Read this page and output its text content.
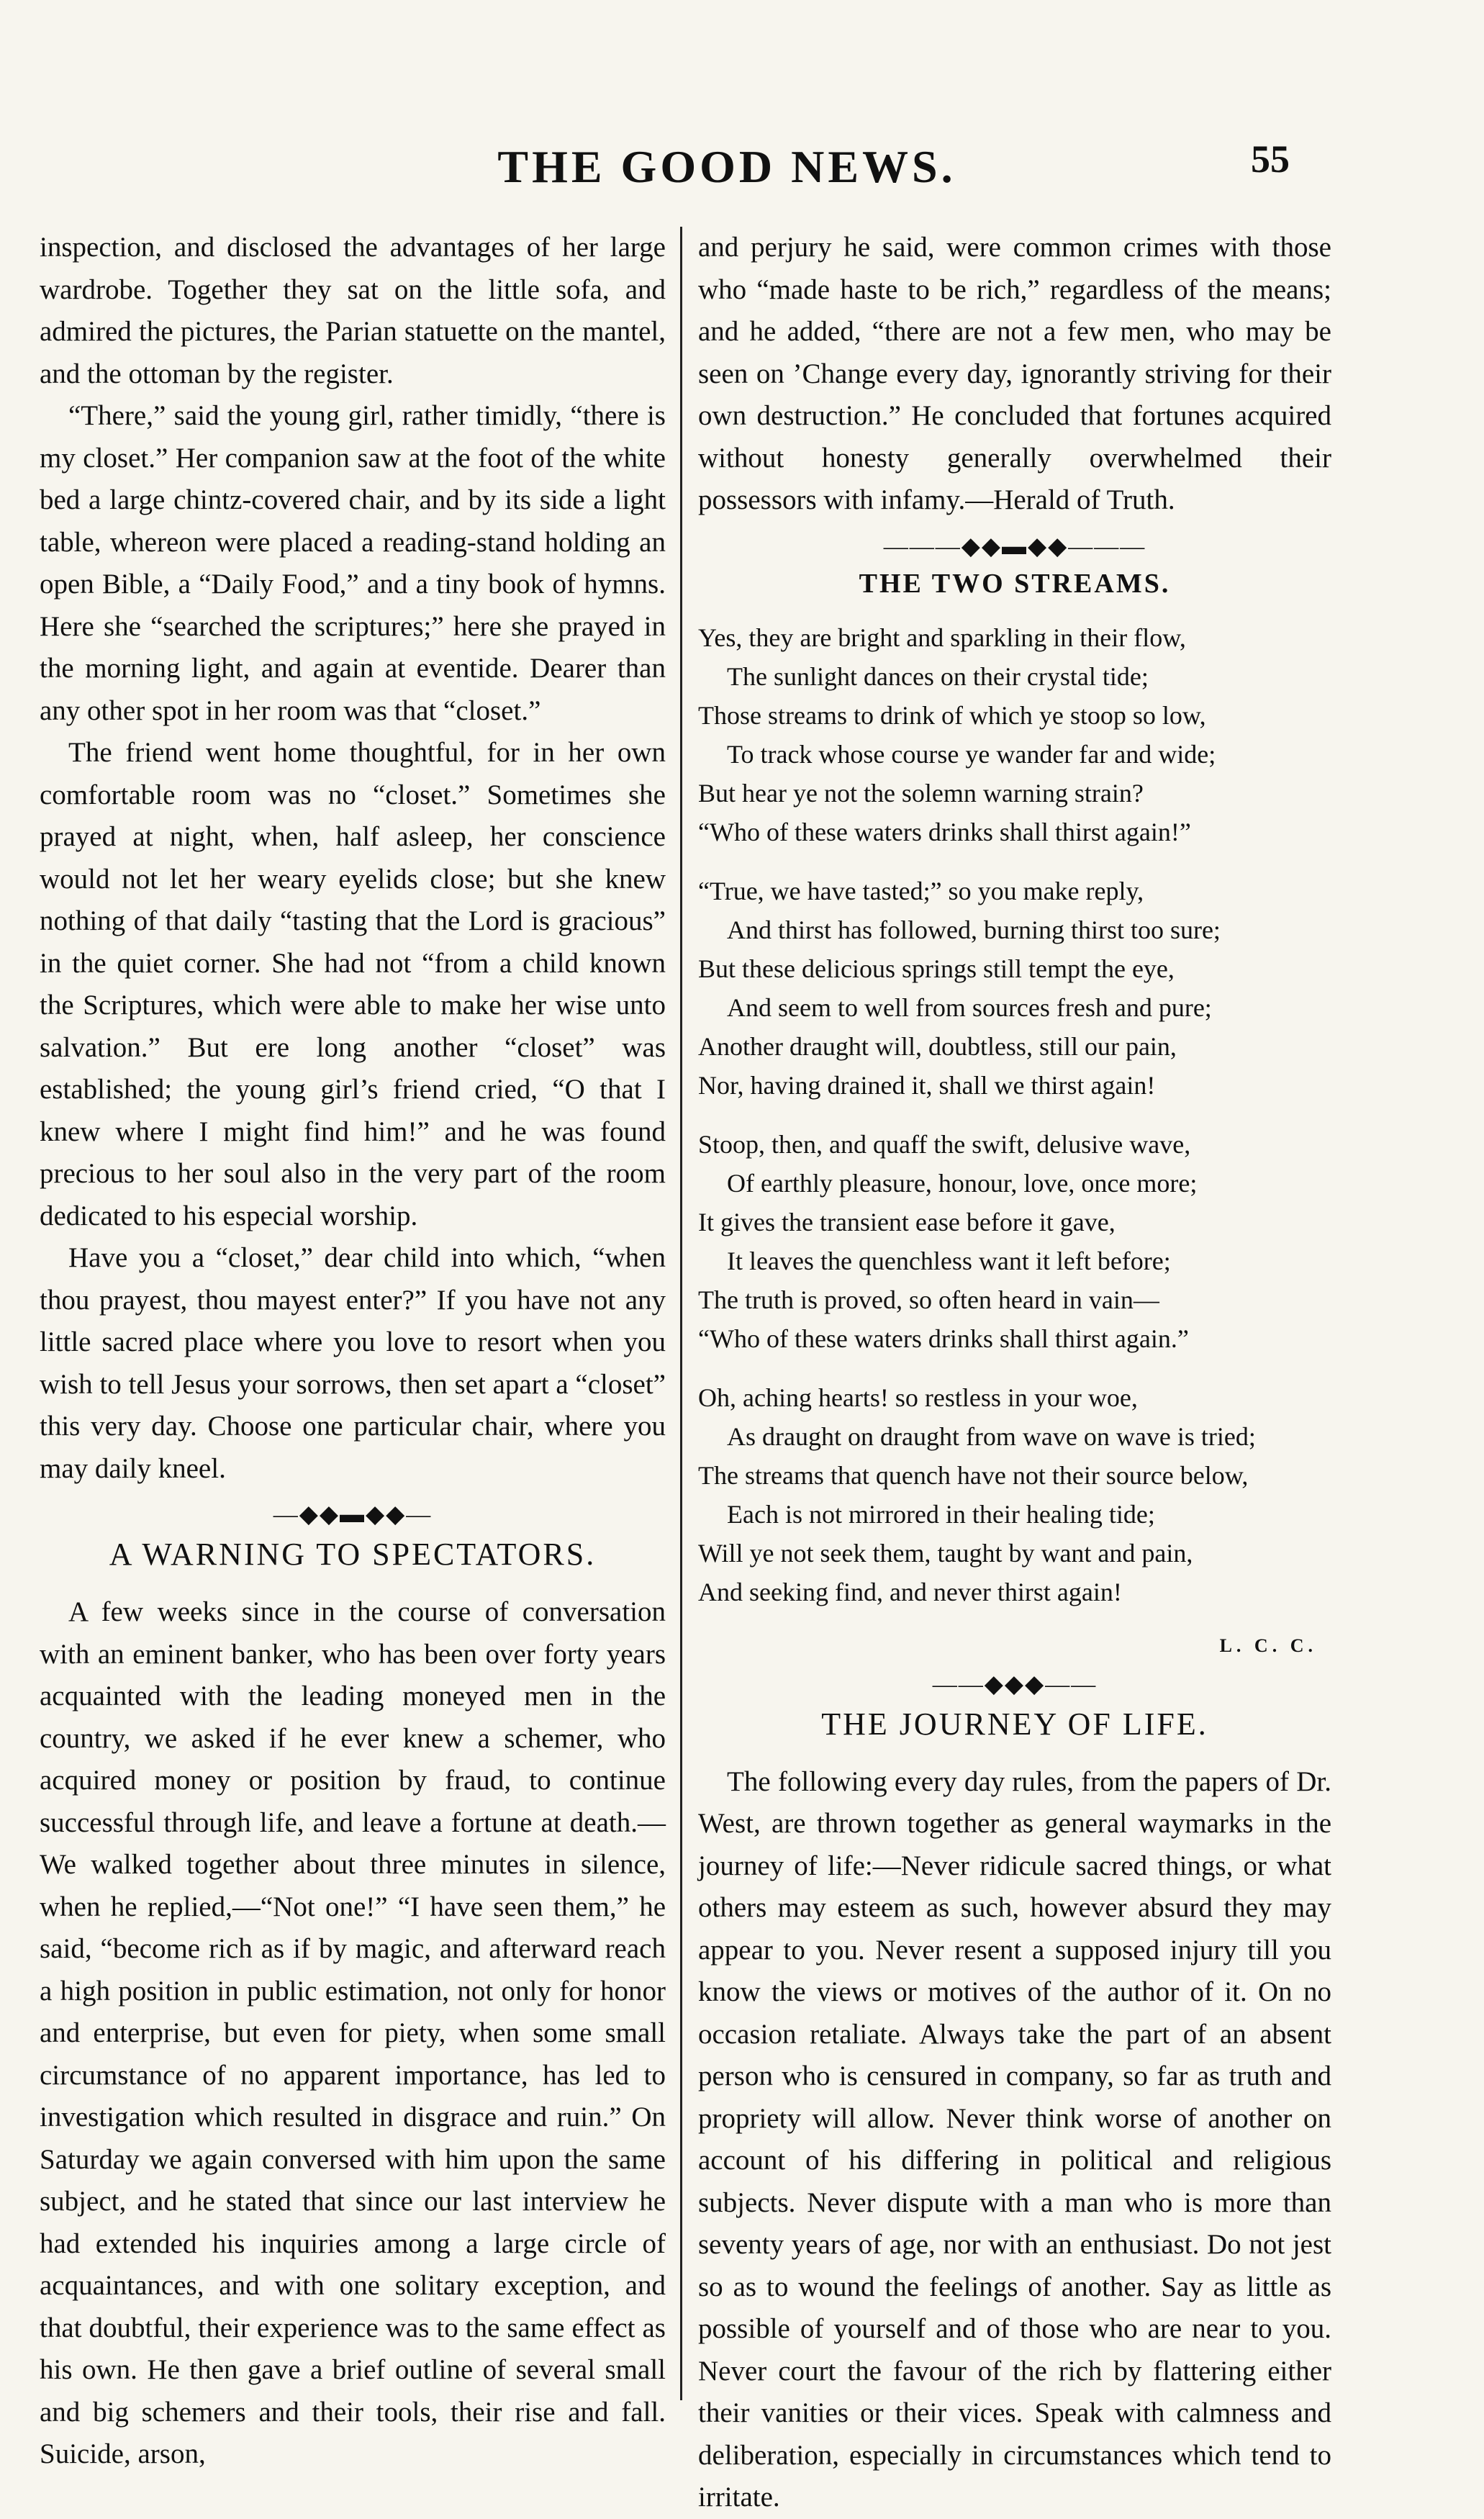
THE GOOD NEWS.	55

inspection, and disclosed the advantages of her large wardrobe. Together they sat on the little sofa, and admired the pictures, the Parian statuette on the mantel, and the ottoman by the register.

“There,” said the young girl, rather timidly, “there is my closet.” Her companion saw at the foot of the white bed a large chintz-covered chair, and by its side a light table, whereon were placed a reading-stand holding an open Bible, a “Daily Food,” and a tiny book of hymns. Here she “searched the scriptures;” here she prayed in the morning light, and again at eventide. Dearer than any other spot in her room was that “closet.”

The friend went home thoughtful, for in her own comfortable room was no “closet.” Sometimes she prayed at night, when, half asleep, her conscience would not let her weary eyelids close; but she knew nothing of that daily “tasting that the Lord is gracious” in the quiet corner. She had not “from a child known the Scriptures, which were able to make her wise unto salvation.” But ere long another “closet” was established; the young girl’s friend cried, “O that I knew where I might find him!” and he was found precious to her soul also in the very part of the room dedicated to his especial worship.

Have you a “closet,” dear child into which, “when thou prayest, thou mayest enter?” If you have not any little sacred place where you love to resort when you wish to tell Jesus your sorrows, then set apart a “closet” this very day. Choose one particular chair, where you may daily kneel.

—◆◆▬◆◆—
A WARNING TO SPECTATORS.

A few weeks since in the course of conversation with an eminent banker, who has been over forty years acquainted with the leading moneyed men in the country, we asked if he ever knew a schemer, who acquired money or position by fraud, to continue successful through life, and leave a fortune at death.—We walked together about three minutes in silence, when he replied,—“Not one!” “I have seen them,” he said, “become rich as if by magic, and afterward reach a high position in public estimation, not only for honor and enterprise, but even for piety, when some small circumstance of no apparent importance, has led to investigation which resulted in disgrace and ruin.” On Saturday we again conversed with him upon the same subject, and he stated that since our last interview he had extended his inquiries among a large circle of acquaintances, and with one solitary exception, and that doubtful, their experience was to the same effect as his own. He then gave a brief outline of several small and big schemers and their tools, their rise and fall. Suicide, arson,

and perjury he said, were common crimes with those who “made haste to be rich,” regardless of the means; and he added, “there are not a few men, who may be seen on ’Change every day, ignorantly striving for their own destruction.” He concluded that fortunes acquired without honesty generally overwhelmed their possessors with infamy.—Herald of Truth.

———◆◆▬◆◆———
THE TWO STREAMS.
Yes, they are bright and sparkling in their flow,
The sunlight dances on their crystal tide;
Those streams to drink of which ye stoop so low,
To track whose course ye wander far and wide;
But hear ye not the solemn warning strain?
“Who of these waters drinks shall thirst again!”
“True, we have tasted;” so you make reply,
And thirst has followed, burning thirst too sure;
But these delicious springs still tempt the eye,
And seem to well from sources fresh and pure;
Another draught will, doubtless, still our pain,
Nor, having drained it, shall we thirst again!
Stoop, then, and quaff the swift, delusive wave,
Of earthly pleasure, honour, love, once more;
It gives the transient ease before it gave,
It leaves the quenchless want it left before;
The truth is proved, so often heard in vain—
“Who of these waters drinks shall thirst again.”
Oh, aching hearts! so restless in your woe,
As draught on draught from wave on wave is tried;
The streams that quench have not their source below,
Each is not mirrored in their healing tide;
Will ye not seek them, taught by want and pain,
And seeking find, and never thirst again!
L. C. C.
——◆◆◆——
THE JOURNEY OF LIFE.

The following every day rules, from the papers of Dr. West, are thrown together as general waymarks in the journey of life:—Never ridicule sacred things, or what others may esteem as such, however absurd they may appear to you. Never resent a supposed injury till you know the views or motives of the author of it. On no occasion retaliate. Always take the part of an absent person who is censured in company, so far as truth and propriety will allow. Never think worse of another on account of his differing in political and religious subjects. Never dispute with a man who is more than seventy years of age, nor with an enthusiast. Do not jest so as to wound the feelings of another. Say as little as possible of yourself and of those who are near to you. Never court the favour of the rich by flattering either their vanities or their vices. Speak with calmness and deliberation, especially in circumstances which tend to irritate.
